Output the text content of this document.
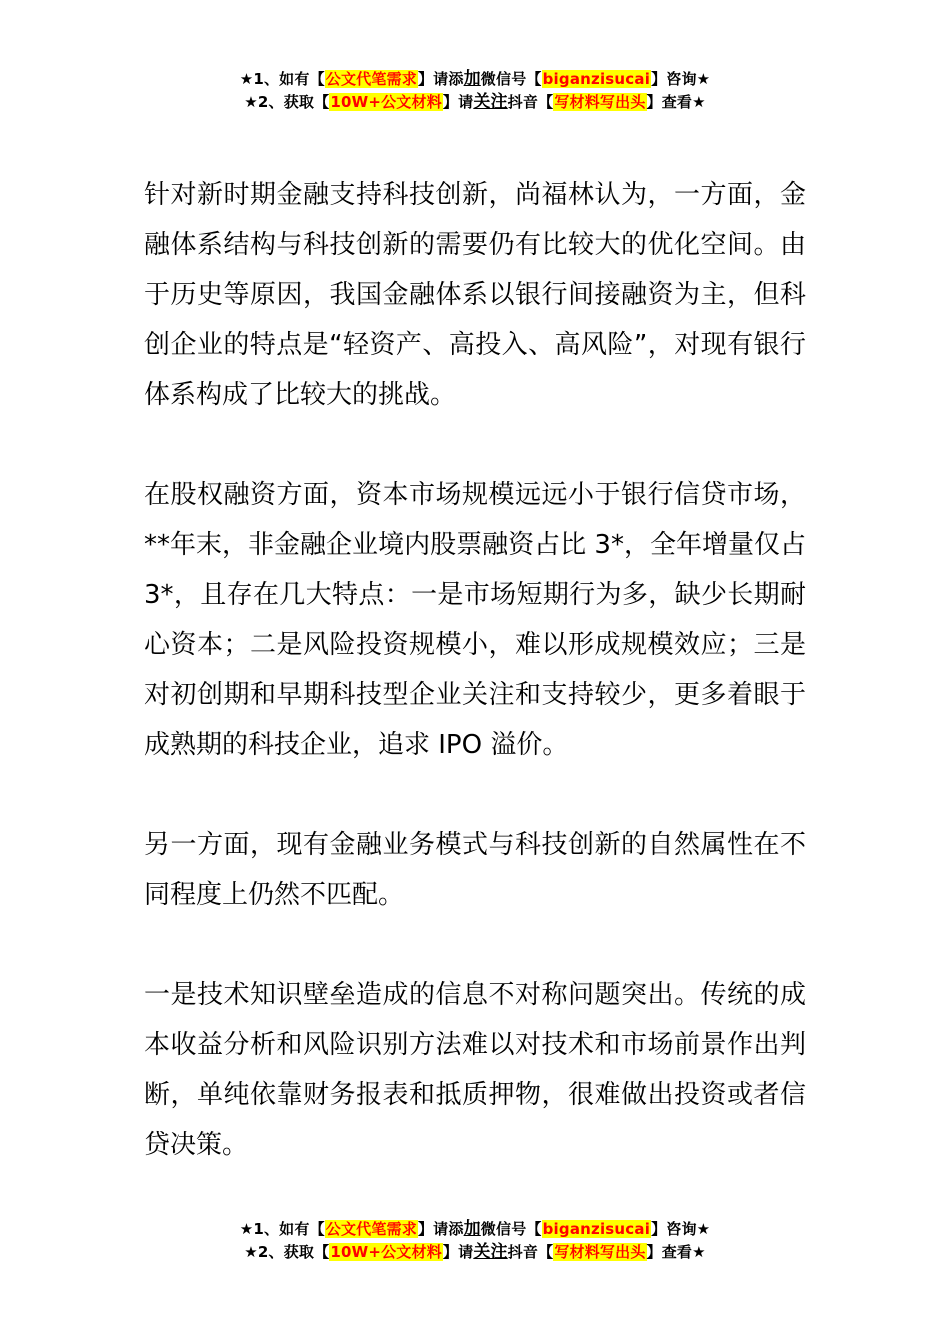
★1、如有【公文代笔需求】请添加微信号【biganzisucai】咨询★
★2、获取【10W+公文材料】请关注抖音【写材料写出头】查看★

针对新时期金融支持科技创新，尚福林认为，一方面，金融体系结构与科技创新的需要仍有比较大的优化空间。由于历史等原因，我国金融体系以银行间接融资为主，但科创企业的特点是“轻资产、高投入、高风险”，对现有银行体系构成了比较大的挑战。

在股权融资方面，资本市场规模远远小于银行信贷市场，**年末，非金融企业境内股票融资占比 3*，全年增量仅占 3*，且存在几大特点：一是市场短期行为多，缺少长期耐心资本；二是风险投资规模小，难以形成规模效应；三是对初创期和早期科技型企业关注和支持较少，更多着眼于成熟期的科技企业，追求 IPO 溢价。

另一方面，现有金融业务模式与科技创新的自然属性在不同程度上仍然不匹配。

一是技术知识壁垒造成的信息不对称问题突出。传统的成本收益分析和风险识别方法难以对技术和市场前景作出判断，单纯依靠财务报表和抵质押物，很难做出投资或者信贷决策。

★1、如有【公文代笔需求】请添加微信号【biganzisucai】咨询★
★2、获取【10W+公文材料】请关注抖音【写材料写出头】查看★
